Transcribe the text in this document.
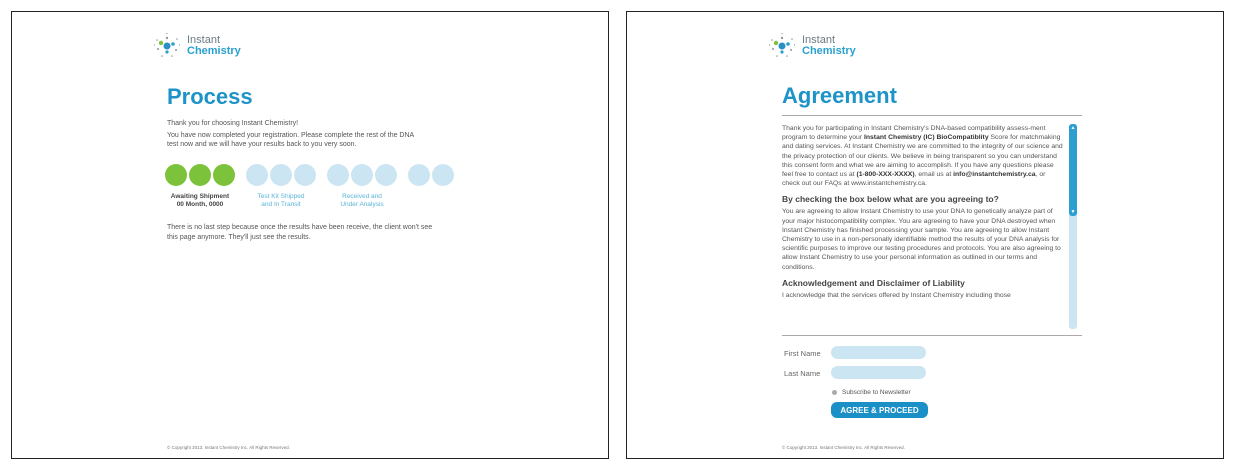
Instant
Chemistry
Process

Thank you for choosing Instant Chemistry!

You have now completed your registration. Please complete the rest of the DNA test now and we will have your results back to you very soon.

Awaiting Shipment
00 Month, 0000
Test Kit Shipped
and In Transit
Received and
Under Analysis

There is no last step because once the results have been receive, the client won't see this page anymore. They'll just see the results.

© Copyright 2013. Instant Chemistry Inc. All Rights Reserved.
Instant
Chemistry
Agreement

Thank you for participating in Instant Chemistry's DNA-based compatibility assess-ment program to determine your Instant Chemistry (IC) BioCompatiblity Score for matchmaking and dating services. At Instant Chemistry we are committed to the integrity of our science and the privacy protection of our clients. We believe in being transparent so you can understand this consent form and what we are aiming to accomplish. If you have any questions please feel free to contact us at (1-800-XXX-XXXX), email us at info@instantchemistry.ca, or check out our FAQs at www.instantchemistry.ca.

By checking the box below what are you agreeing to?

You are agreeing to allow Instant Chemistry to use your DNA to genetically analyze part of your major histocompatibility complex. You are agreeing to have your DNA destroyed when Instant Chemistry has finished processing your sample. You are agreeing to allow Instant Chemistry to use in a non-personally identifiable method the results of your DNA analysis for scientific purposes to improve our testing procedures and protocols. You are also agreeing to allow Instant Chemistry to use your personal information as outlined in our terms and conditions.

Acknowledgement and Disclaimer of Liability

I acknowledge that the services offered by Instant Chemistry including those

▲
▼
First Name
Last Name
Subscribe to Newsletter
AGREE & PROCEED
© Copyright 2013. Instant Chemistry Inc. All Rights Reserved.
